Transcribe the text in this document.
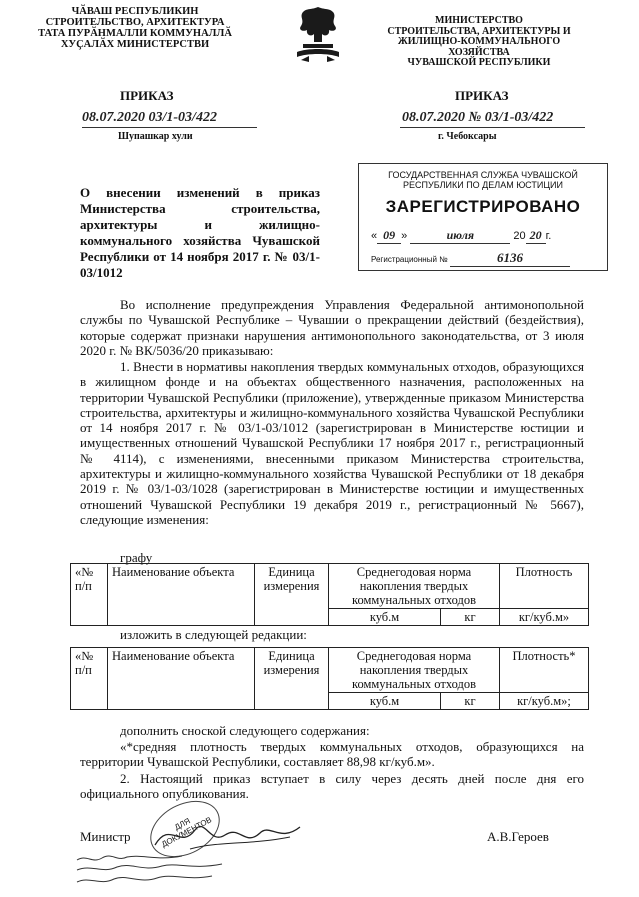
ЧӐВАШ РЕСПУБЛИКИН
СТРОИТЕЛЬСТВО, АРХИТЕКТУРА
ТАТА ПУРӐНМАЛЛИ КОММУНАЛЛӐ
ХУҪАЛӐХ МИНИСТЕРСТВИ
МИНИСТЕРСТВО
СТРОИТЕЛЬСТВА, АРХИТЕКТУРЫ И
ЖИЛИЩНО-КОММУНАЛЬНОГО ХОЗЯЙСТВА
ЧУВАШСКОЙ РЕСПУБЛИКИ
ПРИКАЗ	ПРИКАЗ
08.07.2020 03/1-03/422
Шупашкар хули
08.07.2020 № 03/1-03/422
г. Чебоксары
О внесении изменений в приказ Министерства строительства, архитектуры и жилищно-коммунального хозяйства Чувашской Республики от 14 ноября 2017 г. № 03/1-03/1012
ГОСУДАРСТВЕННАЯ СЛУЖБА ЧУВАШСКОЙ
РЕСПУБЛИКИ ПО ДЕЛАМ ЮСТИЦИИ
ЗАРЕГИСТРИРОВАНО
« 09 »	июля	20 20 г.
Регистрационный №	6136
Во исполнение предупреждения Управления Федеральной антимонопольной службы по Чувашской Республике – Чувашии о прекращении действий (бездействия), которые содержат признаки нарушения антимонопольного законодательства, от 3 июля 2020 г. № ВК/5036/20 приказываю:
1. Внести в нормативы накопления твердых коммунальных отходов, образующихся в жилищном фонде и на объектах общественного назначения, расположенных на территории Чувашской Республики (приложение), утвержденные приказом Министерства строительства, архитектуры и жилищно-коммунального хозяйства Чувашской Республики от 14 ноября 2017 г. № 03/1-03/1012 (зарегистрирован в Министерстве юстиции и имущественных отношений Чувашской Республики 17 ноября 2017 г., регистрационный № 4114), с изменениями, внесенными приказом Министерства строительства, архитектуры и жилищно-коммунального хозяйства Чувашской Республики от 18 декабря 2019 г. № 03/1-03/1028 (зарегистрирован в Министерстве юстиции и имущественных отношений Чувашской Республики 19 декабря 2019 г., регистрационный № 5667), следующие изменения:
графу
«№ п/п	Наименование объекта	Единица измерения	Среднегодовая норма накопления твердых коммунальных отходов		Плотность
			куб.м	кг	кг/куб.м»
изложить в следующей редакции:
«№ п/п	Наименование объекта	Единица измерения	Среднегодовая норма накопления твердых коммунальных отходов		Плотность*
			куб.м	кг	кг/куб.м»;
дополнить сноской следующего содержания:
«*средняя плотность твердых коммунальных отходов, образующихся на территории Чувашской Республики, составляет 88,98 кг/куб.м».
2. Настоящий приказ вступает в силу через десять дней после дня его официального опубликования.
Министр
ДЛЯ ДОКУМЕНТОВ	А.В.Героев
